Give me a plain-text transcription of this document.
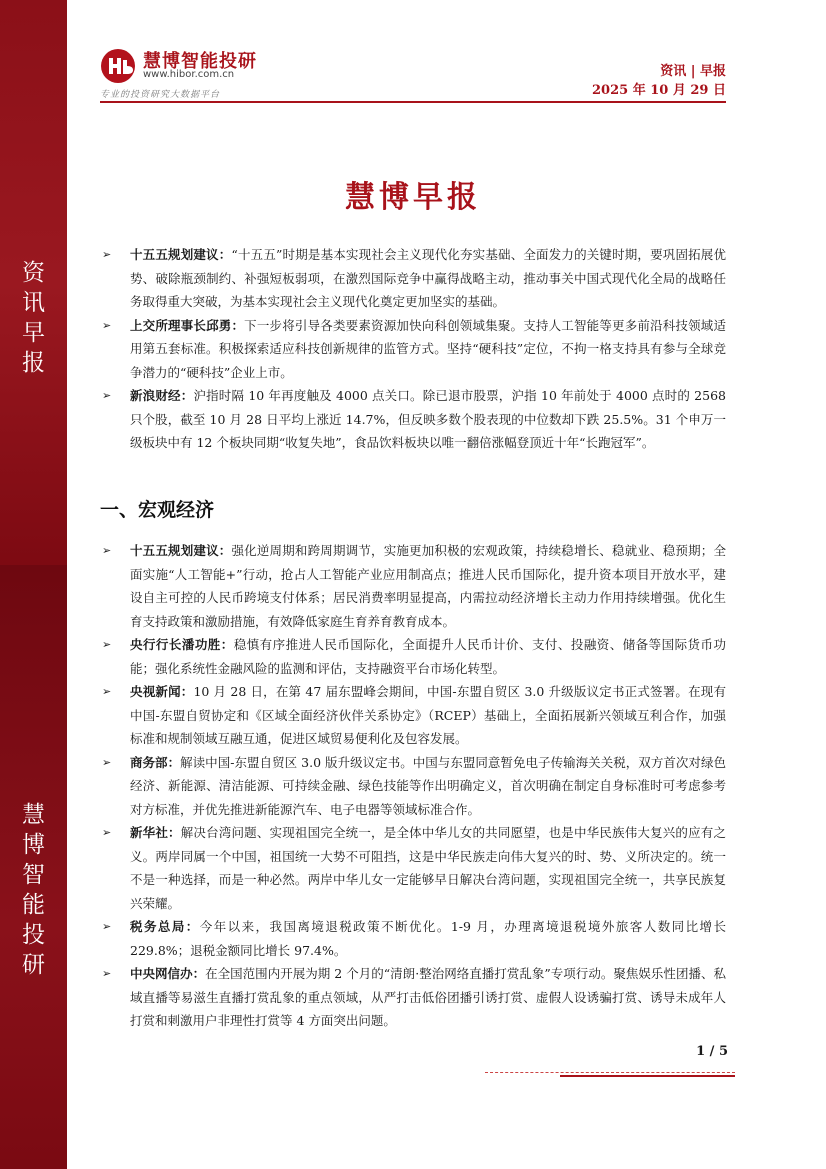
资
讯
早
报
慧
博
智
能
投
研
慧博智能投研
www.hibor.com.cn
专业的投资研究大数据平台
资讯 | 早报
2025 年 10 月 29 日
慧博早报
➢ 十五五规划建议：“十五五”时期是基本实现社会主义现代化夯实基础、全面发力的关键时期，要巩固拓展优势、破除瓶颈制约、补强短板弱项，在激烈国际竞争中赢得战略主动，推动事关中国式现代化全局的战略任务取得重大突破，为基本实现社会主义现代化奠定更加坚实的基础。
➢ 上交所理事长邱勇：下一步将引导各类要素资源加快向科创领域集聚。支持人工智能等更多前沿科技领域适用第五套标准。积极探索适应科技创新规律的监管方式。坚持“硬科技”定位，不拘一格支持具有参与全球竞争潜力的“硬科技”企业上市。
➢ 新浪财经：沪指时隔 10 年再度触及 4000 点关口。除已退市股票，沪指 10 年前处于 4000 点时的 2568 只个股，截至 10 月 28 日平均上涨近 14.7%，但反映多数个股表现的中位数却下跌 25.5%。31 个申万一级板块中有 12 个板块同期“收复失地”，食品饮料板块以唯一翻倍涨幅登顶近十年“长跑冠军”。
一、宏观经济
➢ 十五五规划建议：强化逆周期和跨周期调节，实施更加积极的宏观政策，持续稳增长、稳就业、稳预期；全面实施“人工智能+”行动，抢占人工智能产业应用制高点；推进人民币国际化，提升资本项目开放水平，建设自主可控的人民币跨境支付体系；居民消费率明显提高，内需拉动经济增长主动力作用持续增强。优化生育支持政策和激励措施，有效降低家庭生育养育教育成本。
➢ 央行行长潘功胜：稳慎有序推进人民币国际化，全面提升人民币计价、支付、投融资、储备等国际货币功能；强化系统性金融风险的监测和评估，支持融资平台市场化转型。
➢ 央视新闻：10 月 28 日，在第 47 届东盟峰会期间，中国-东盟自贸区 3.0 升级版议定书正式签署。在现有中国-东盟自贸协定和《区域全面经济伙伴关系协定》（RCEP）基础上，全面拓展新兴领域互利合作，加强标准和规制领域互融互通，促进区域贸易便利化及包容发展。
➢ 商务部：解读中国-东盟自贸区 3.0 版升级议定书。中国与东盟同意暂免电子传输海关关税，双方首次对绿色经济、新能源、清洁能源、可持续金融、绿色技能等作出明确定义，首次明确在制定自身标准时可考虑参考对方标准，并优先推进新能源汽车、电子电器等领域标准合作。
➢ 新华社：解决台湾问题、实现祖国完全统一，是全体中华儿女的共同愿望，也是中华民族伟大复兴的应有之义。两岸同属一个中国，祖国统一大势不可阻挡，这是中华民族走向伟大复兴的时、势、义所决定的。统一不是一种选择，而是一种必然。两岸中华儿女一定能够早日解决台湾问题，实现祖国完全统一，共享民族复兴荣耀。
➢ 税务总局：今年以来，我国离境退税政策不断优化。1-9 月，办理离境退税境外旅客人数同比增长 229.8%；退税金额同比增长 97.4%。
➢ 中央网信办：在全国范围内开展为期 2 个月的“清朗·整治网络直播打赏乱象”专项行动。聚焦娱乐性团播、私域直播等易滋生直播打赏乱象的重点领域，从严打击低俗团播引诱打赏、虚假人设诱骗打赏、诱导未成年人打赏和刺激用户非理性打赏等 4 方面突出问题。
1 / 5
